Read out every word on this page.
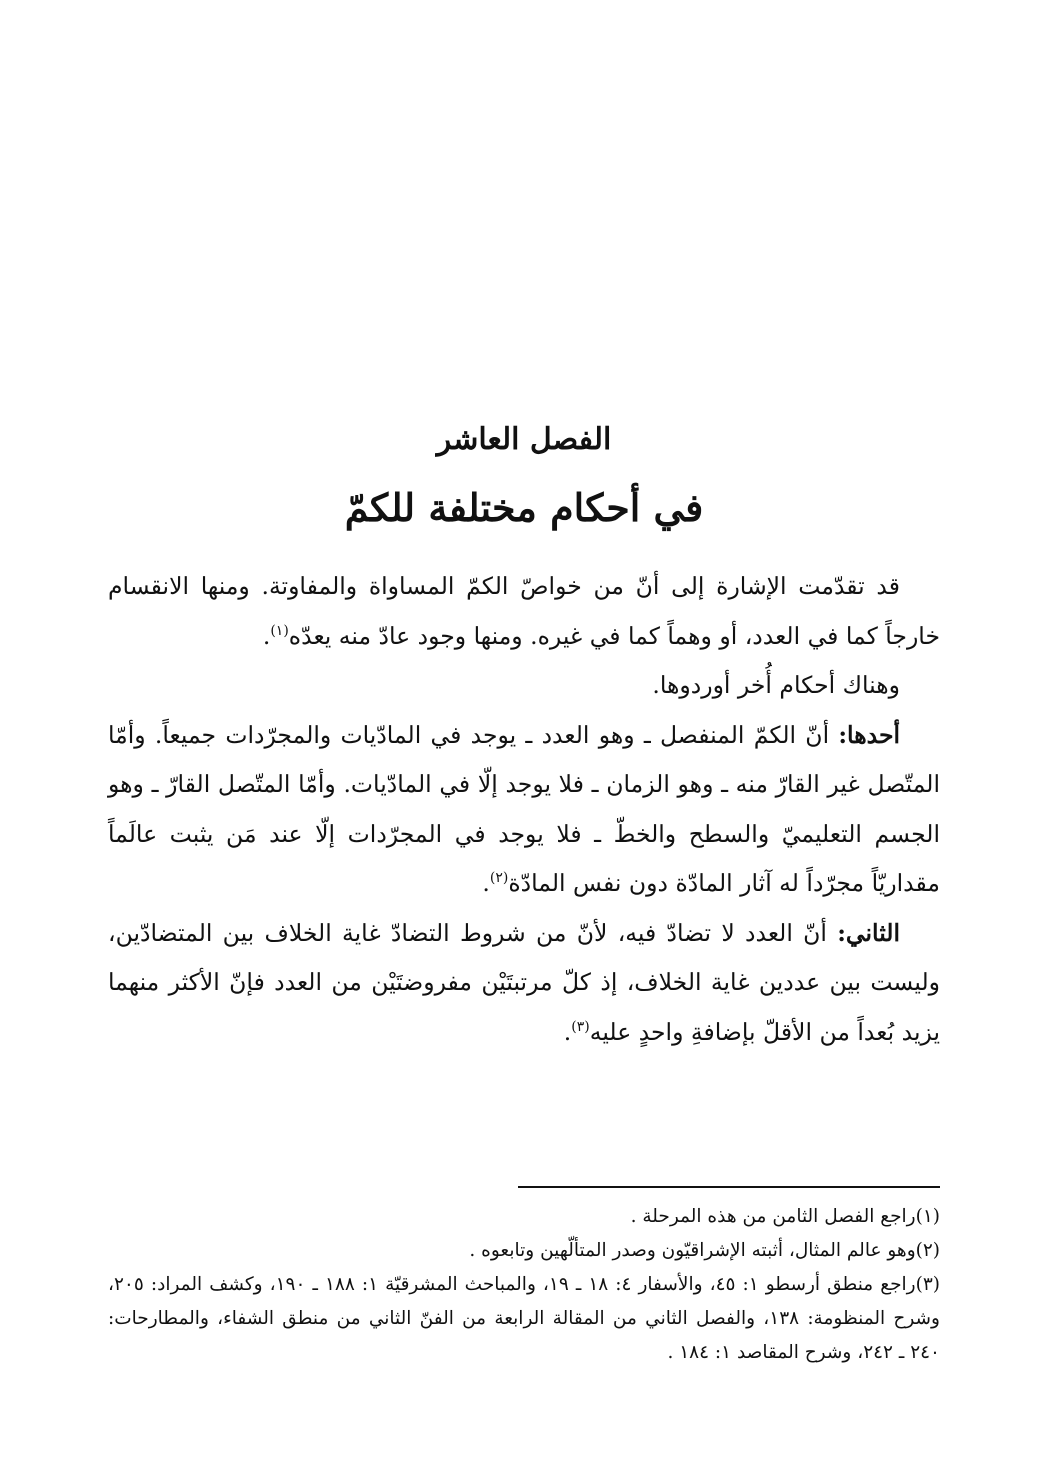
الفصل العاشر
في أحكام مختلفة للكمّ

قد تقدّمت الإشارة إلى أنّ من خواصّ الكمّ المساواة والمفاوتة. ومنها الانقسام خارجاً كما في العدد، أو وهماً كما في غيره. ومنها وجود عادّ منه يعدّه$^{(١)}$.

وهناك أحكام أُخر أوردوها.

أحدها: أنّ الكمّ المنفصل ـ وهو العدد ـ يوجد في المادّيات والمجرّدات جميعاً. وأمّا المتّصل غير القارّ منه ـ وهو الزمان ـ فلا يوجد إلّا في المادّيات. وأمّا المتّصل القارّ ـ وهو الجسم التعليميّ والسطح والخطّ ـ فلا يوجد في المجرّدات إلّا عند مَن يثبت عالَماً مقداريّاً مجرّداً له آثار المادّة دون نفس المادّة$^{(٢)}$.

الثاني: أنّ العدد لا تضادّ فيه، لأنّ من شروط التضادّ غاية الخلاف بين المتضادّين، وليست بين عددين غاية الخلاف، إذ كلّ مرتبتَيْن مفروضتَيْن من العدد فإنّ الأكثر منهما يزيد بُعداً من الأقلّ بإضافةِ واحدٍ عليه$^{(٣)}$.

(١)راجع الفصل الثامن من هذه المرحلة .

(٢)وهو عالم المثال، أثبته الإشراقيّون وصدر المتألّهين وتابعوه .

(٣)راجع منطق أرسطو ١: ٤٥، والأسفار ٤: ١٨ ـ ١٩، والمباحث المشرقيّة ١: ١٨٨ ـ ١٩٠، وكشف المراد: ٢٠٥، وشرح المنظومة: ١٣٨، والفصل الثاني من المقالة الرابعة من الفنّ الثاني من منطق الشفاء، والمطارحات: ٢٤٠ ـ ٢٤٢، وشرح المقاصد ١: ١٨٤ .
